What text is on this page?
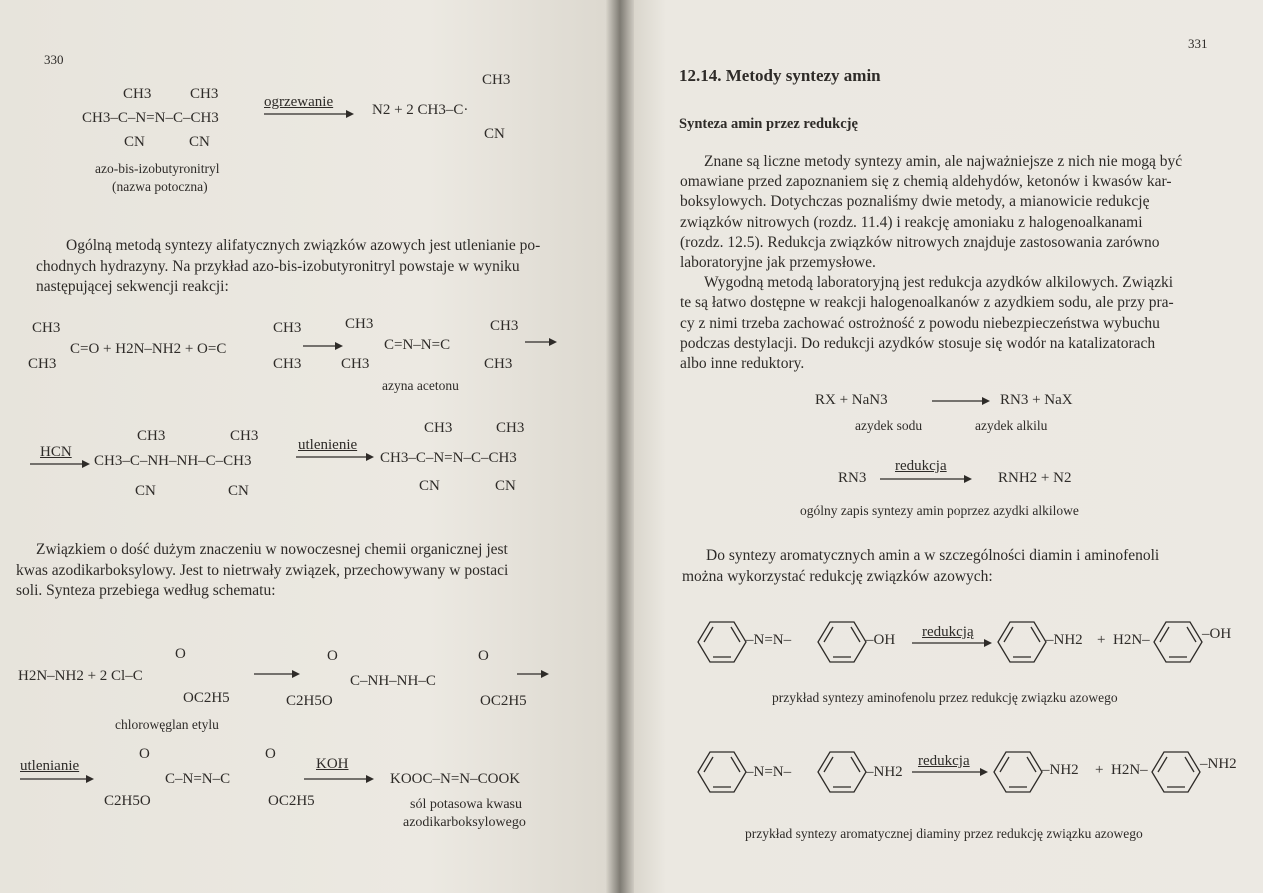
330
CH3	CH3
CH3–C–N=N–C–CH3
CN	CN
ogrzewanie	N2 + 2 CH3–C·
CH3
CN
azo-bis-izobutyronitryl
(nazwa potoczna)
Ogólną metodą syntezy alifatycznych związków azowych jest utlenianie po-
chodnych hydrazyny. Na przykład azo-bis-izobutyronitryl powstaje w wyniku
następującej sekwencji reakcji:
CH3
CH3
C=O + H2N–NH2 + O=C
CH3
CH3
CH3
CH3
C=N–N=C
CH3
CH3
azyna acetonu
HCN
CH3	CH3
CH3–C–NH–NH–C–CH3
CN	CN
utlenienie
CH3	CH3
CH3–C–N=N–C–CH3
CN	CN
Związkiem o dość dużym znaczeniu w nowoczesnej chemii organicznej jest
kwas azodikarboksylowy. Jest to nietrwały związek, przechowywany w postaci
soli. Synteza przebiega według schematu:
H2N–NH2 + 2 Cl–C
O
OC2H5
chlorowęglan etylu
O	O
C–NH–NH–C
C2H5O	OC2H5
utlenianie
O	O
C–N=N–C
C2H5O	OC2H5
KOH
KOOC–N=N–COOK
sól potasowa kwasu
azodikarboksylowego
331
12.14. Metody syntezy amin
Synteza amin przez redukcję
Znane są liczne metody syntezy amin, ale najważniejsze z nich nie mogą być
omawiane przed zapoznaniem się z chemią aldehydów, ketonów i kwasów kar-
boksylowych. Dotychczas poznaliśmy dwie metody, a mianowicie redukcję
związków nitrowych (rozdz. 11.4) i reakcję amoniaku z halogenoalkanami
(rozdz. 12.5). Redukcja związków nitrowych znajduje zastosowania zarówno
laboratoryjne jak przemysłowe.
Wygodną metodą laboratoryjną jest redukcja azydków alkilowych. Związki
te są łatwo dostępne w reakcji halogenoalkanów z azydkiem sodu, ale przy pra-
cy z nimi trzeba zachować ostrożność z powodu niebezpieczeństwa wybuchu
podczas destylacji. Do redukcji azydków stosuje się wodór na katalizatorach
albo inne reduktory.
RX + NaN3	→ RN3 + NaX
azydek sodu	azydek alkilu
RN3
redukcja
RNH2 + N2
ogólny zapis syntezy amin poprzez azydki alkilowe
Do syntezy aromatycznych amin a w szczególności diamin i aminofenoli
można wykorzystać redukcję związków azowych:
–N=N–	–OH redukcją	–NH2 + H2N–	–OH
przykład syntezy aminofenolu przez redukcję związku azowego
–N=N–	–NH2
redukcja
–NH2 + H2N–	–NH2
przykład syntezy aromatycznej diaminy przez redukcję związku azowego
